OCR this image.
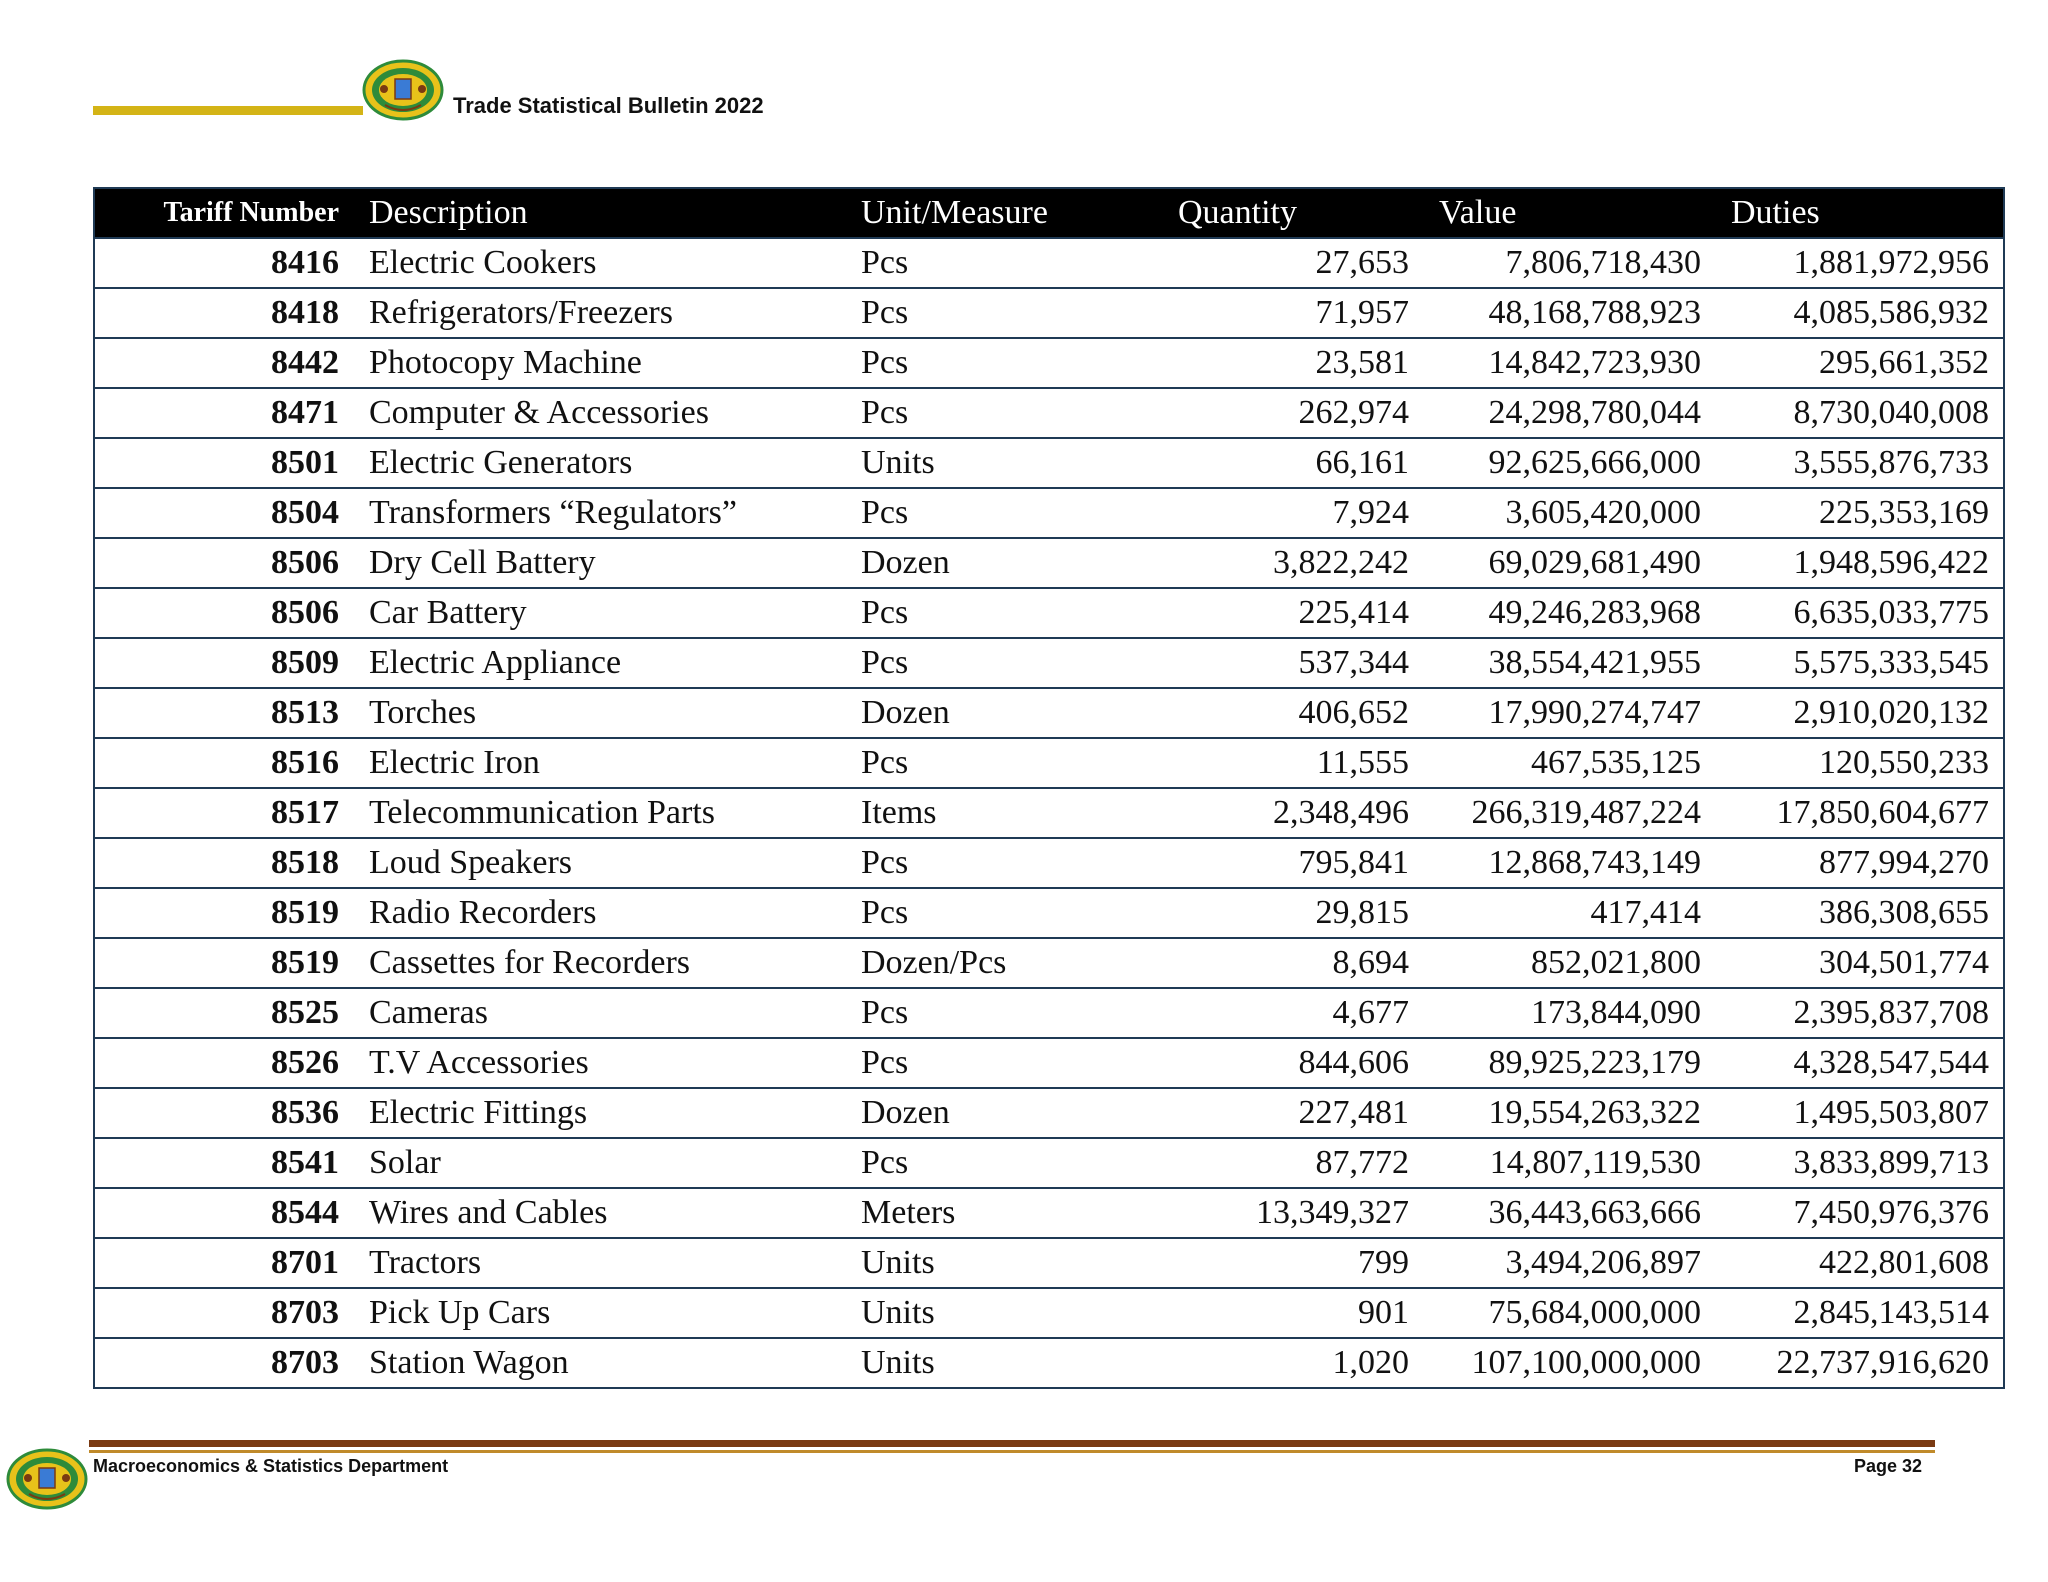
Trade Statistical Bulletin 2022
Tariff Number	Description	Unit/Measure	Quantity	Value	Duties
8416	Electric Cookers	Pcs	27,653	7,806,718,430	1,881,972,956
8418	Refrigerators/Freezers	Pcs	71,957	48,168,788,923	4,085,586,932
8442	Photocopy Machine	Pcs	23,581	14,842,723,930	295,661,352
8471	Computer & Accessories	Pcs	262,974	24,298,780,044	8,730,040,008
8501	Electric Generators	Units	66,161	92,625,666,000	3,555,876,733
8504	Transformers “Regulators”	Pcs	7,924	3,605,420,000	225,353,169
8506	Dry Cell Battery	Dozen	3,822,242	69,029,681,490	1,948,596,422
8506	Car Battery	Pcs	225,414	49,246,283,968	6,635,033,775
8509	Electric Appliance	Pcs	537,344	38,554,421,955	5,575,333,545
8513	Torches	Dozen	406,652	17,990,274,747	2,910,020,132
8516	Electric Iron	Pcs	11,555	467,535,125	120,550,233
8517	Telecommunication Parts	Items	2,348,496	266,319,487,224	17,850,604,677
8518	Loud Speakers	Pcs	795,841	12,868,743,149	877,994,270
8519	Radio Recorders	Pcs	29,815	417,414	386,308,655
8519	Cassettes for Recorders	Dozen/Pcs	8,694	852,021,800	304,501,774
8525	Cameras	Pcs	4,677	173,844,090	2,395,837,708
8526	T.V Accessories	Pcs	844,606	89,925,223,179	4,328,547,544
8536	Electric Fittings	Dozen	227,481	19,554,263,322	1,495,503,807
8541	Solar	Pcs	87,772	14,807,119,530	3,833,899,713
8544	Wires and Cables	Meters	13,349,327	36,443,663,666	7,450,976,376
8701	Tractors	Units	799	3,494,206,897	422,801,608
8703	Pick Up Cars	Units	901	75,684,000,000	2,845,143,514
8703	Station Wagon	Units	1,020	107,100,000,000	22,737,916,620
Macroeconomics & Statistics Department	Page 32
